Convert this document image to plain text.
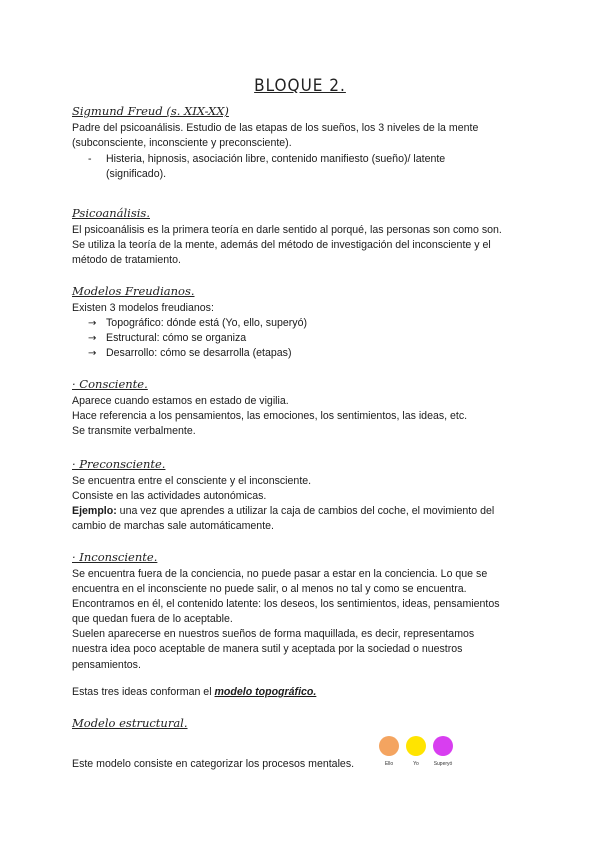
BLOQUE 2.
Sigmund Freud (s. XIX-XX)

Padre del psicoanálisis. Estudio de las etapas de los sueños, los 3 niveles de la mente

(subconsciente, inconsciente y preconsciente).

-	Histeria, hipnosis, asociación libre, contenido manifiesto (sueño)/ latente
(significado).
Psicoanálisis.

El psicoanálisis es la primera teoría en darle sentido al porqué, las personas son como son.

Se utiliza la teoría de la mente, además del método de investigación del inconsciente y el

método de tratamiento.

Modelos Freudianos.
Existen 3 modelos freudianos:
→ Topográfico: dónde está (Yo, ello, superyó)
→ Estructural: cómo se organiza
→ Desarrollo: cómo se desarrolla (etapas)
· Consciente.

Aparece cuando estamos en estado de vigilia.

Hace referencia a los pensamientos, las emociones, los sentimientos, las ideas, etc.

Se transmite verbalmente.

· Preconsciente.

Se encuentra entre el consciente y el inconsciente.

Consiste en las actividades autonómicas.

Ejemplo: una vez que aprendes a utilizar la caja de cambios del coche, el movimiento del

cambio de marchas sale automáticamente.

· Inconsciente.

Se encuentra fuera de la conciencia, no puede pasar a estar en la conciencia. Lo que se

encuentra en el inconsciente no puede salir, o al menos no tal y como se encuentra.

Encontramos en él, el contenido latente: los deseos, los sentimientos, ideas, pensamientos

que quedan fuera de lo aceptable.

Suelen aparecerse en nuestros sueños de forma maquillada, es decir, representamos

nuestra idea poco aceptable de manera sutil y aceptada por la sociedad o nuestros

pensamientos.

Estas tres ideas conforman el modelo topográfico.
Modelo estructural.
Este modelo consiste en categorizar los procesos mentales.	Ello	Yo	Superyó
